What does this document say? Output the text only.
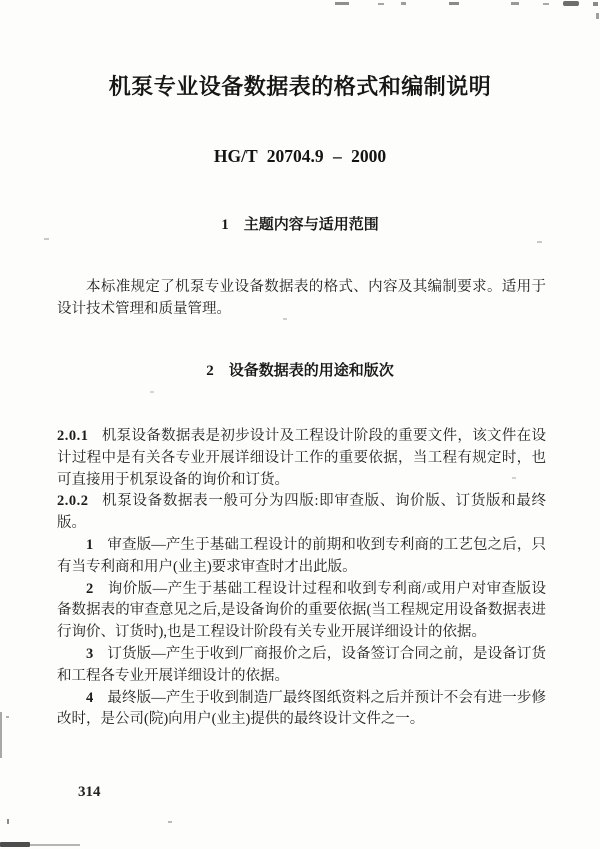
机泵专业设备数据表的格式和编制说明
HG/T 20704.9 – 2000
1 主题内容与适用范围

本标准规定了机泵专业设备数据表的格式、内容及其编制要求。适用于设计技术管理和质量管理。

2 设备数据表的用途和版次

2.0.1 机泵设备数据表是初步设计及工程设计阶段的重要文件，该文件在设计过程中是有关各专业开展详细设计工作的重要依据，当工程有规定时，也可直接用于机泵设备的询价和订货。

2.0.2 机泵设备数据表一般可分为四版:即审查版、询价版、订货版和最终版。

1 审查版—产生于基础工程设计的前期和收到专利商的工艺包之后，只有当专利商和用户(业主)要求审查时才出此版。

2 询价版—产生于基础工程设计过程和收到专利商/或用户对审查版设备数据表的审查意见之后,是设备询价的重要依据(当工程规定用设备数据表进行询价、订货时),也是工程设计阶段有关专业开展详细设计的依据。

3 订货版—产生于收到厂商报价之后，设备签订合同之前，是设备订货和工程各专业开展详细设计的依据。

4 最终版—产生于收到制造厂最终图纸资料之后并预计不会有进一步修改时，是公司(院)向用户(业主)提供的最终设计文件之一。

314
